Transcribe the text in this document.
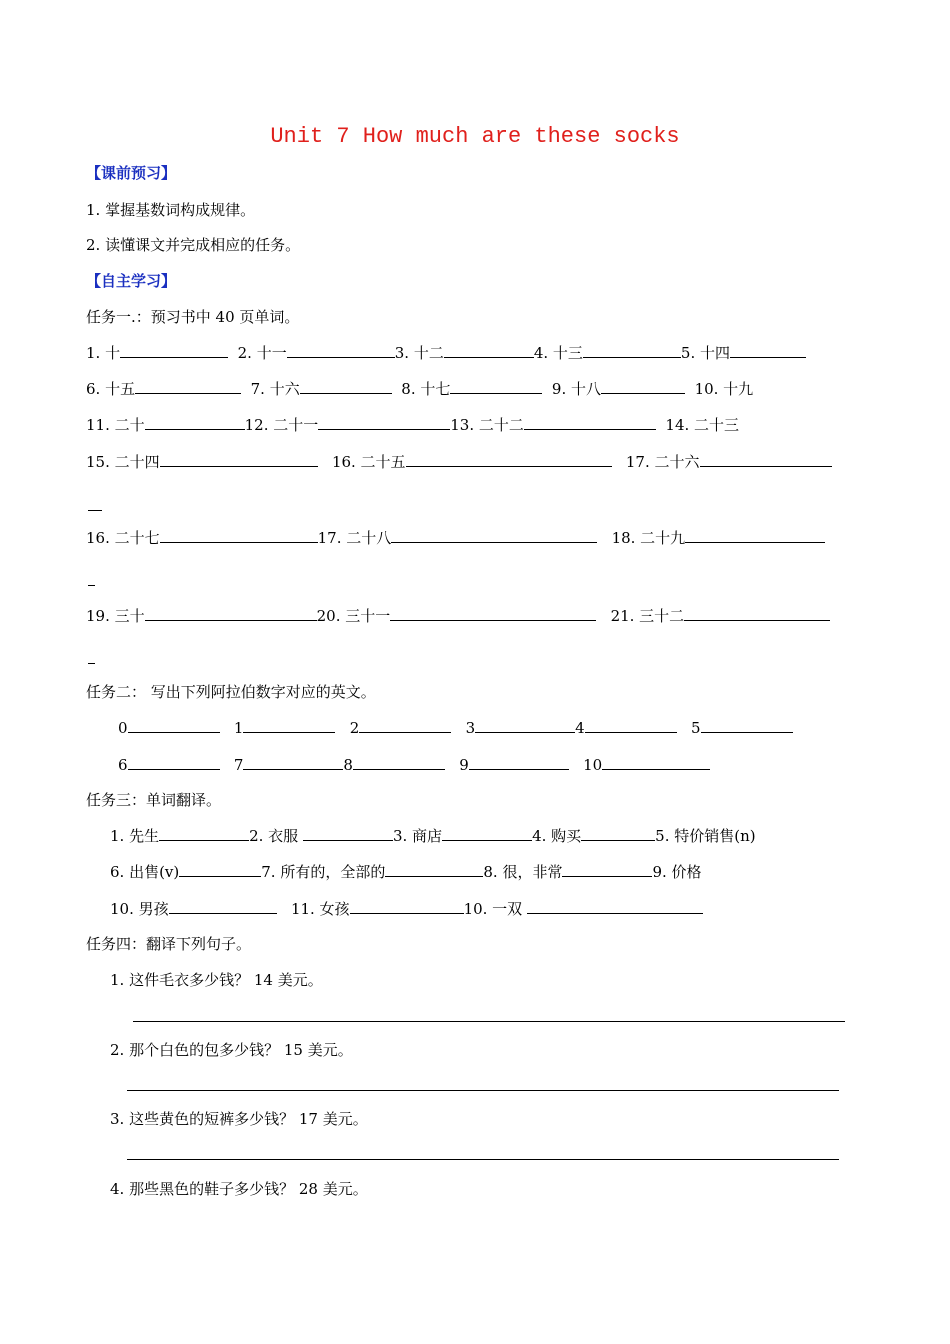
Unit 7 How much are these socks
【课前预习】
1. 掌握基数词构成规律。
2. 读懂课文并完成相应的任务。
【自主学习】
任务一.：预习书中 40 页单词。
1. 十	2. 十一	3. 十二	4. 十三	5. 十四
6. 十五	7. 十六	8. 十七	9. 十八	10. 十九
11. 二十	12. 二十一	13. 二十二	14. 二十三
15. 二十四	16. 二十五	17. 二十六
16. 二十七	17. 二十八	18. 二十九
19. 三十	20. 三十一	21. 三十二
任务二： 写出下列阿拉伯数字对应的英文。
0	1	2	3	4	5
6	7	8	9	10
任务三：单词翻译。
1. 先生	2. 衣服	3. 商店	4. 购买	5. 特价销售(n)
6. 出售(v)	7. 所有的，全部的	8. 很，非常	9. 价格
10. 男孩	11. 女孩	10. 一双
任务四：翻译下列句子。
1. 这件毛衣多少钱？ 14 美元。
2. 那个白色的包多少钱？ 15 美元。
3. 这些黄色的短裤多少钱？ 17 美元。
4. 那些黑色的鞋子多少钱？ 28 美元。
